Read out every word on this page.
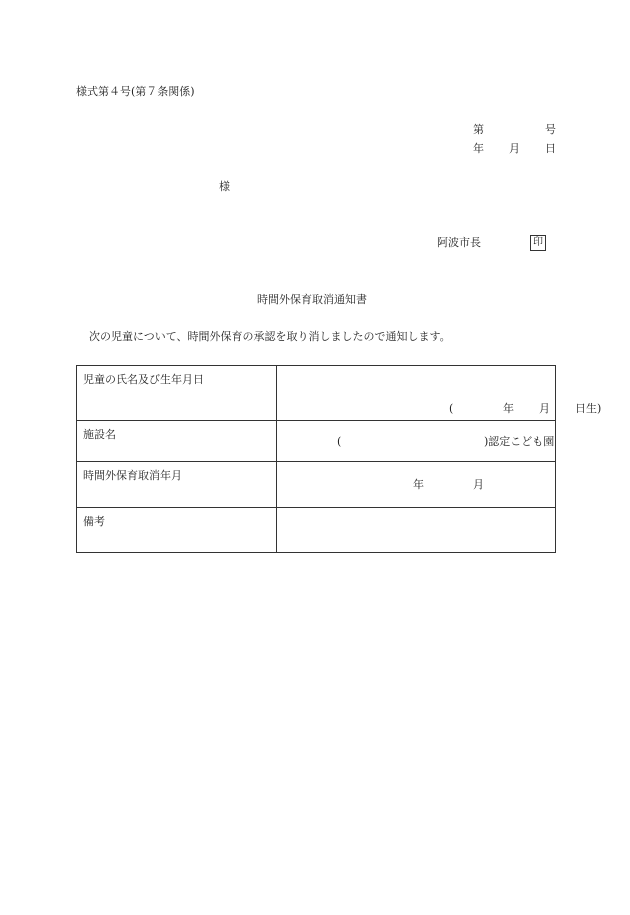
様式第４号(第７条関係)
第	号
年 月 日
様
阿波市長	印
時間外保育取消通知書
次の児童について、時間外保育の承認を取り消しましたので通知します。
児童の氏名及び生年月日	( 年 月 日生)

施設名	( )認定こども園

時間外保育取消年月	年 月

備考	
